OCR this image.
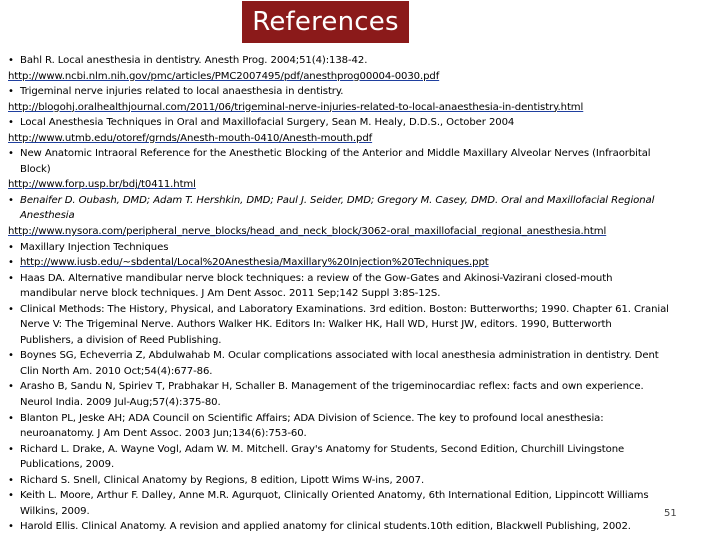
References
• Bahl R. Local anesthesia in dentistry. Anesth Prog. 2004;51(4):138-42.
http://www.ncbi.nlm.nih.gov/pmc/articles/PMC2007495/pdf/anesthprog00004-0030.pdf
• Trigeminal nerve injuries related to local anaesthesia in dentistry.
http://blogohj.oralhealthjournal.com/2011/06/trigeminal-nerve-injuries-related-to-local-anaesthesia-in-dentistry.html
• Local Anesthesia Techniques in Oral and Maxillofacial Surgery, Sean M. Healy, D.D.S., October 2004
http://www.utmb.edu/otoref/grnds/Anesth-mouth-0410/Anesth-mouth.pdf
• New Anatomic Intraoral Reference for the Anesthetic Blocking of the Anterior and Middle Maxillary Alveolar Nerves (Infraorbital
Block)
http://www.forp.usp.br/bdj/t0411.html
• Benaifer D. Oubash, DMD; Adam T. Hershkin, DMD; Paul J. Seider, DMD; Gregory M. Casey, DMD. Oral and Maxillofacial Regional
Anesthesia
http://www.nysora.com/peripheral_nerve_blocks/head_and_neck_block/3062-oral_maxillofacial_regional_anesthesia.html
• Maxillary Injection Techniques
• http://www.iusb.edu/~sbdental/Local%20Anesthesia/Maxillary%20Injection%20Techniques.ppt
• Haas DA. Alternative mandibular nerve block techniques: a review of the Gow-Gates and Akinosi-Vazirani closed-mouth
mandibular nerve block techniques. J Am Dent Assoc. 2011 Sep;142 Suppl 3:8S-12S.
• Clinical Methods: The History, Physical, and Laboratory Examinations. 3rd edition. Boston: Butterworths; 1990. Chapter 61. Cranial
Nerve V: The Trigeminal Nerve. Authors Walker HK. Editors In: Walker HK, Hall WD, Hurst JW, editors. 1990, Butterworth
Publishers, a division of Reed Publishing.
• Boynes SG, Echeverria Z, Abdulwahab M. Ocular complications associated with local anesthesia administration in dentistry. Dent
Clin North Am. 2010 Oct;54(4):677-86.
• Arasho B, Sandu N, Spiriev T, Prabhakar H, Schaller B. Management of the trigeminocardiac reflex: facts and own experience.
Neurol India. 2009 Jul-Aug;57(4):375-80.
• Blanton PL, Jeske AH; ADA Council on Scientific Affairs; ADA Division of Science. The key to profound local anesthesia:
neuroanatomy. J Am Dent Assoc. 2003 Jun;134(6):753-60.
• Richard L. Drake, A. Wayne Vogl, Adam W. M. Mitchell. Gray's Anatomy for Students, Second Edition, Churchill Livingstone
Publications, 2009.
• Richard S. Snell, Clinical Anatomy by Regions, 8 edition, Lipott Wims W-ins, 2007.
• Keith L. Moore, Arthur F. Dalley, Anne M.R. Agurquot, Clinically Oriented Anatomy, 6th International Edition, Lippincott Williams
Wilkins, 2009.
• Harold Ellis. Clinical Anatomy. A revision and applied anatomy for clinical students.10th edition, Blackwell Publishing, 2002.
51
